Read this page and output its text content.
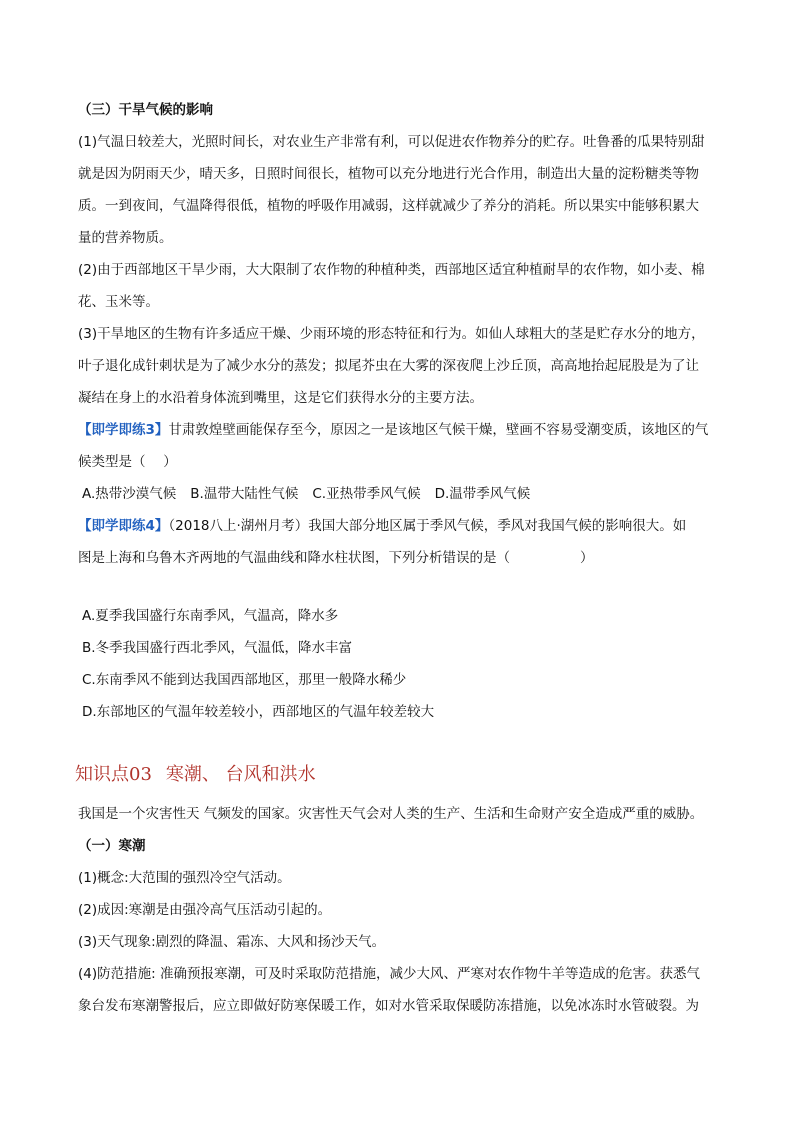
（三）干旱气候的影响
(1)气温日较差大，光照时间长，对农业生产非常有利，可以促进农作物养分的贮存。吐鲁番的瓜果特别甜
就是因为阴雨天少，晴天多，日照时间很长，植物可以充分地进行光合作用，制造出大量的淀粉糖类等物
质。一到夜间，气温降得很低，植物的呼吸作用减弱，这样就减少了养分的消耗。所以果实中能够积累大
量的营养物质。
(2)由于西部地区干旱少雨，大大限制了农作物的种植种类，西部地区适宜种植耐旱的农作物，如小麦、棉
花、玉米等。
(3)干旱地区的生物有许多适应干燥、少雨环境的形态特征和行为。如仙人球粗大的茎是贮存水分的地方，
叶子退化成针刺状是为了减少水分的蒸发；拟尾芥虫在大雾的深夜爬上沙丘顶，高高地抬起屁股是为了让
凝结在身上的水沿着身体流到嘴里，这是它们获得水分的主要方法。
【即学即练3】甘肃敦煌壁画能保存至今，原因之一是该地区气候干燥，壁画不容易受潮变质，该地区的气
候类型是（　 ）
A.热带沙漠气候 B.温带大陆性气候 C.亚热带季风气候 D.温带季风气候
【即学即练4】（2018八上·湖州月考）我国大部分地区属于季风气候，季风对我国气候的影响很大。如
图是上海和乌鲁木齐两地的气温曲线和降水柱状图，下列分析错误的是（	）
A.夏季我国盛行东南季风，气温高，降水多
B.冬季我国盛行西北季风，气温低，降水丰富
C.东南季风不能到达我国西部地区，那里一般降水稀少
D.东部地区的气温年较差较小，西部地区的气温年较差较大
知识点03 寒潮、 台风和洪水
我国是一个灾害性天 气频发的国家。灾害性天气会对人类的生产、生活和生命财产安全造成严重的威胁。
（一）寒潮
(1)概念:大范围的强烈冷空气活动。
(2)成因:寒潮是由强冷高气压活动引起的。
(3)天气现象:剧烈的降温、霜冻、大风和扬沙天气。
(4)防范措施: 准确预报寒潮，可及时采取防范措施，减少大风、严寒对农作物牛羊等造成的危害。获悉气
象台发布寒潮警报后，应立即做好防寒保暖工作，如对水管采取保暖防冻措施，以免冰冻时水管破裂。为
